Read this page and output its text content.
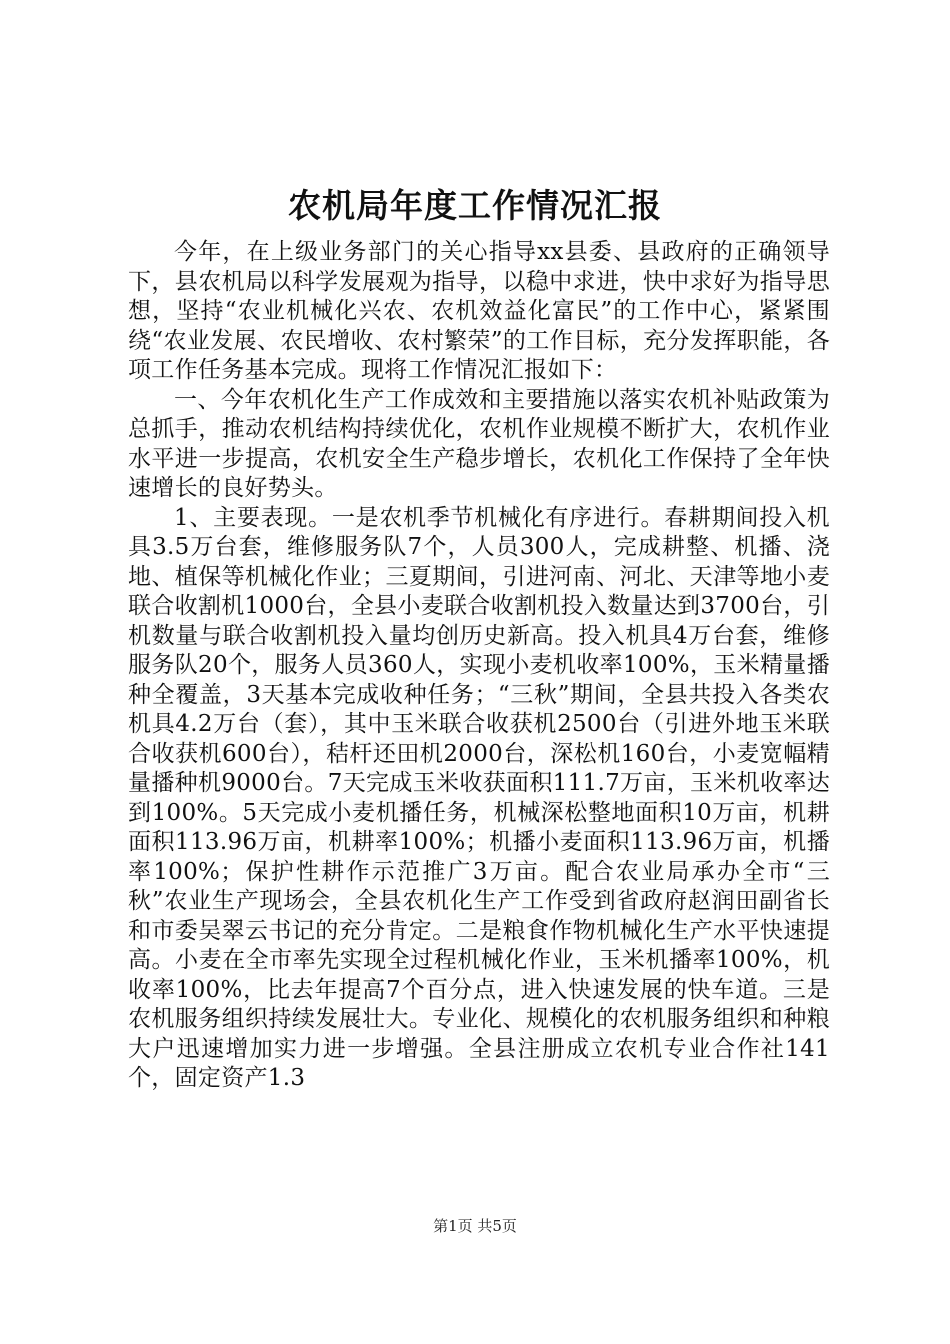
农机局年度工作情况汇报

今年，在上级业务部门的关心指导xx县委、县政府的正确领导下，县农机局以科学发展观为指导，以稳中求进，快中求好为指导思想，坚持“农业机械化兴农、农机效益化富民”的工作中心，紧紧围绕“农业发展、农民增收、农村繁荣”的工作目标，充分发挥职能，各项工作任务基本完成。现将工作情况汇报如下：

一、今年农机化生产工作成效和主要措施以落实农机补贴政策为总抓手，推动农机结构持续优化，农机作业规模不断扩大，农机作业水平进一步提高，农机安全生产稳步增长，农机化工作保持了全年快速增长的良好势头。

1、主要表现。一是农机季节机械化有序进行。春耕期间投入机具3.5万台套，维修服务队7个，人员300人，完成耕整、机播、浇地、植保等机械化作业；三夏期间，引进河南、河北、天津等地小麦联合收割机1000台，全县小麦联合收割机投入数量达到3700台，引机数量与联合收割机投入量均创历史新高。投入机具4万台套，维修服务队20个，服务人员360人，实现小麦机收率100%，玉米精量播种全覆盖，3天基本完成收种任务；“三秋”期间，全县共投入各类农机具4.2万台（套），其中玉米联合收获机2500台（引进外地玉米联合收获机600台），秸杆还田机2000台，深松机160台，小麦宽幅精量播种机9000台。7天完成玉米收获面积111.7万亩，玉米机收率达到100%。5天完成小麦机播任务，机械深松整地面积10万亩，机耕面积113.96万亩，机耕率100%；机播小麦面积113.96万亩，机播率100%；保护性耕作示范推广3万亩。配合农业局承办全市“三秋”农业生产现场会，全县农机化生产工作受到省政府赵润田副省长和市委吴翠云书记的充分肯定。二是粮食作物机械化生产水平快速提高。小麦在全市率先实现全过程机械化作业，玉米机播率100%，机收率100%，比去年提高7个百分点，进入快速发展的快车道。三是农机服务组织持续发展壮大。专业化、规模化的农机服务组织和种粮大户迅速增加实力进一步增强。全县注册成立农机专业合作社141个，固定资产1.3

第1页 共5页
